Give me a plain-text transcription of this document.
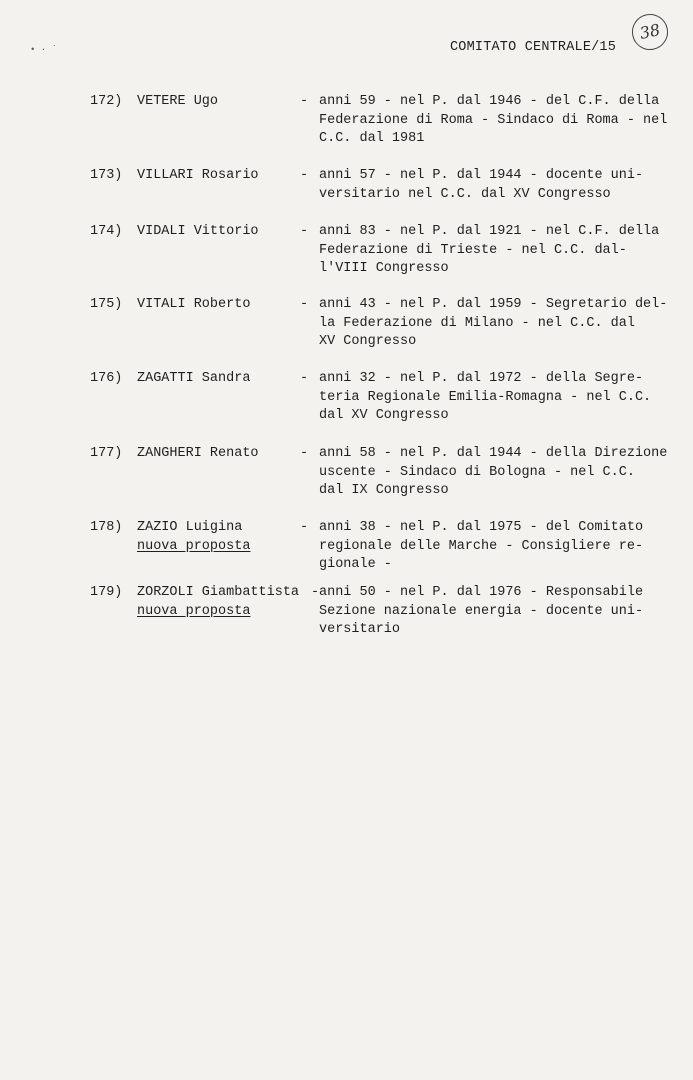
• · ˙	COMITATO CENTRALE/15
38
172) VETERE Ugo	- anni 59 - nel P. dal 1946 - del C.F. della
Federazione di Roma - Sindaco di Roma - nel
C.C. dal 1981
173) VILLARI Rosario	- anni 57 - nel P. dal 1944 - docente uni-
versitario nel C.C. dal XV Congresso
174) VIDALI Vittorio	- anni 83 - nel P. dal 1921 - nel C.F. della
Federazione di Trieste - nel C.C. dal-
l'VIII Congresso
175) VITALI Roberto	- anni 43 - nel P. dal 1959 - Segretario del-
la Federazione di Milano - nel C.C. dal
XV Congresso
176) ZAGATTI Sandra	- anni 32 - nel P. dal 1972 - della Segre-
teria Regionale Emilia-Romagna - nel C.C.
dal XV Congresso
177) ZANGHERI Renato	- anni 58 - nel P. dal 1944 - della Direzione
uscente - Sindaco di Bologna - nel C.C.
dal IX Congresso
178) ZAZIO Luigina
nuova proposta
- anni 38 - nel P. dal 1975 - del Comitato
regionale delle Marche - Consigliere re-
gionale -
179) ZORZOLI Giambattista
nuova proposta
- anni 50 - nel P. dal 1976 - Responsabile
Sezione nazionale energia - docente uni-
versitario
